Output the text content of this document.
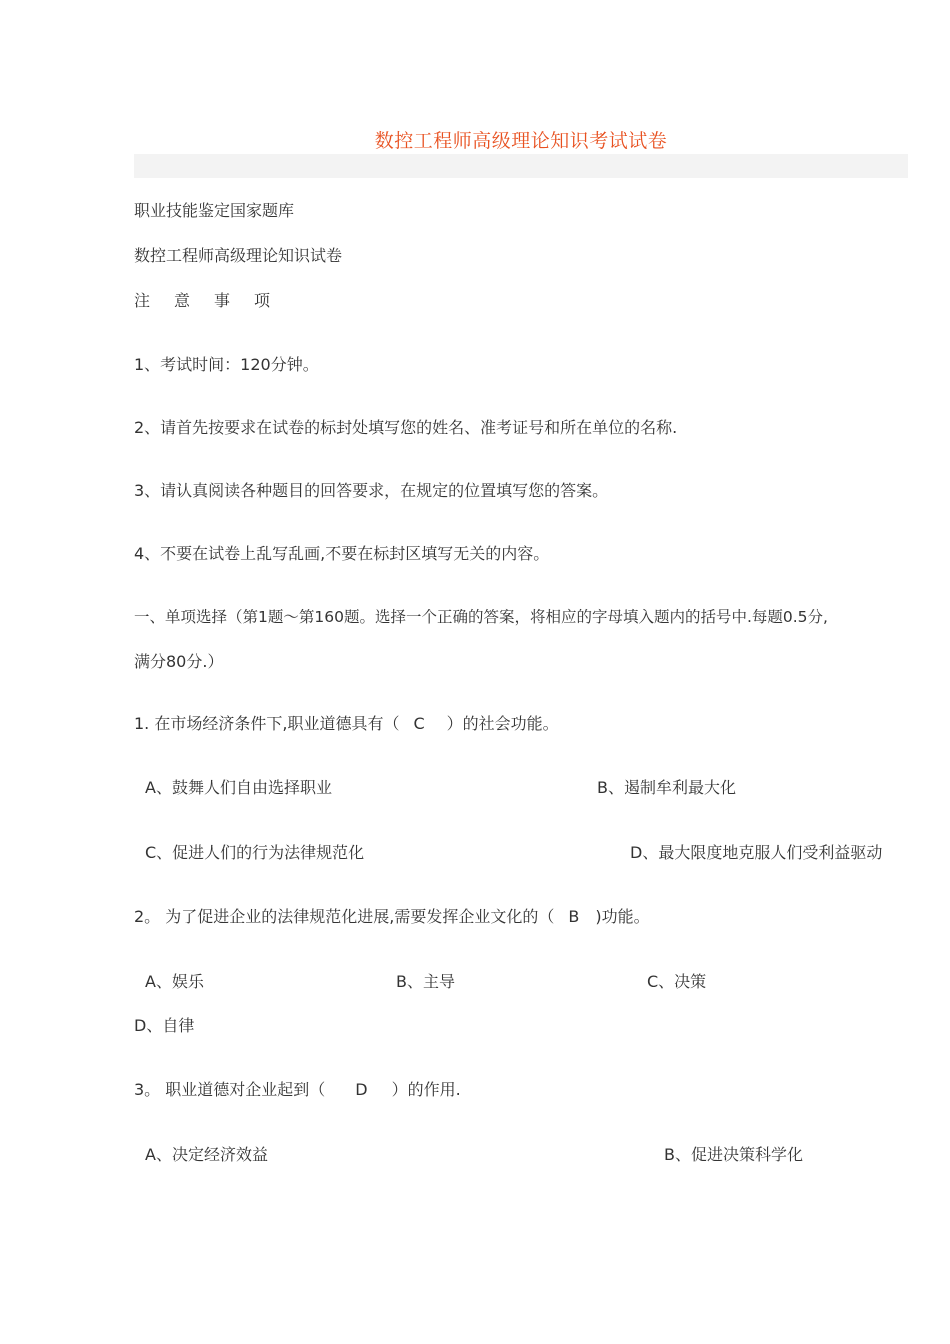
数控工程师高级理论知识考试试卷
职业技能鉴定国家题库
数控工程师高级理论知识试卷
注 意 事 项
1、考试时间：120分钟。
2、请首先按要求在试卷的标封处填写您的姓名、准考证号和所在单位的名称.
3、请认真阅读各种题目的回答要求，在规定的位置填写您的答案。
4、不要在试卷上乱写乱画,不要在标封区填写无关的内容。
一、单项选择（第1题～第160题。选择一个正确的答案，将相应的字母填入题内的括号中.每题0.5分,
满分80分.）
1. 在市场经济条件下,职业道德具有（ C ）的社会功能。
A、鼓舞人们自由选择职业	B、遏制牟利最大化
C、促进人们的行为法律规范化	D、最大限度地克服人们受利益驱动
2。 为了促进企业的法律规范化进展,需要发挥企业文化的（ B )功能。
A、娱乐	B、主导	C、决策
D、自律
3。 职业道德对企业起到（ D ）的作用.
A、决定经济效益	B、促进决策科学化
